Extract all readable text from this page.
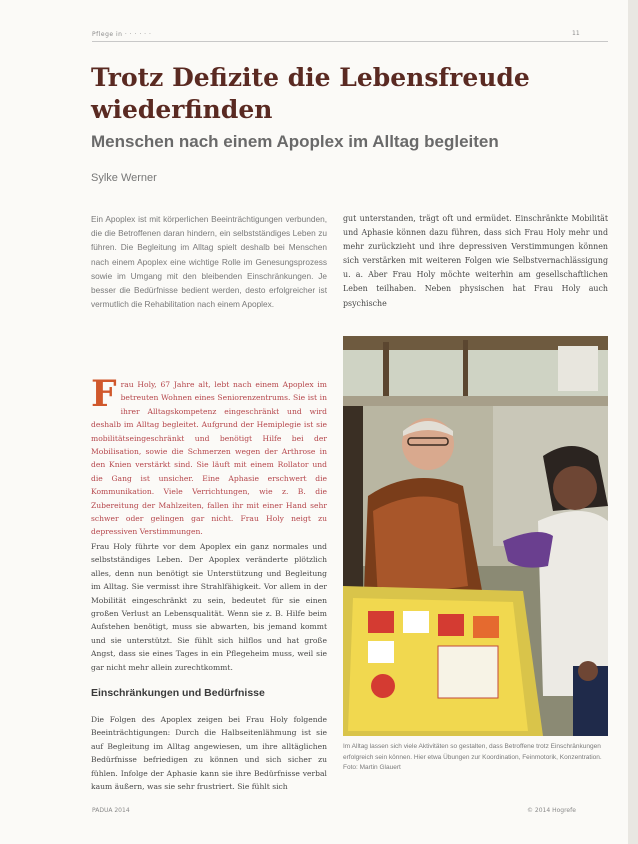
Pflege in · · · · · ·	11
Trotz Defizite die Lebensfreude wiederfinden
Menschen nach einem Apoplex im Alltag begleiten
Sylke Werner

Ein Apoplex ist mit körperlichen Beeinträchtigungen verbunden, die die Betroffenen daran hindern, ein selbstständiges Leben zu führen. Die Begleitung im Alltag spielt deshalb bei Menschen nach einem Apoplex eine wichtige Rolle im Genesungsprozess sowie im Umgang mit den bleibenden Einschränkungen. Je besser die Bedürfnisse bedient werden, desto erfolgreicher ist vermutlich die Rehabilitation nach einem Apoplex.

gut unterstanden, trägt oft und ermüdet. Einschränkte Mobilität und Aphasie können dazu führen, dass sich Frau Holy mehr und mehr zurückzieht und ihre depressiven Verstimmungen können sich verstärken mit weiteren Folgen wie Selbstvernachlässigung u. a. Aber Frau Holy möchte weiterhin am gesellschaftlichen Leben teilhaben. Neben physischen hat Frau Holy auch psychische

Frau Holy, 67 Jahre alt, lebt nach einem Apoplex im betreuten Wohnen eines Seniorenzentrums. Sie ist in ihrer Alltagskompetenz eingeschränkt und wird deshalb im Alltag begleitet. Aufgrund der Hemiplegie ist sie mobilitätseingeschränkt und benötigt Hilfe bei der Mobilisation, sowie die Schmerzen wegen der Arthrose in den Knien verstärkt sind. Sie läuft mit einem Rollator und die Gang ist unsicher. Eine Aphasie erschwert die Kommunikation. Viele Verrichtungen, wie z. B. die Zubereitung der Mahlzeiten, fallen ihr mit einer Hand sehr schwer oder gelingen gar nicht. Frau Holy neigt zu depressiven Verstimmungen.

Frau Holy führte vor dem Apoplex ein ganz normales und selbstständiges Leben. Der Apoplex veränderte plötzlich alles, denn nun benötigt sie Unterstützung und Begleitung im Alltag. Sie vermisst ihre Strahlfähigkeit. Vor allem in der Mobilität eingeschränkt zu sein, bedeutet für sie einen großen Verlust an Lebensqualität. Wenn sie z. B. Hilfe beim Aufstehen benötigt, muss sie abwarten, bis jemand kommt und sie unterstützt. Sie fühlt sich hilflos und hat große Angst, dass sie eines Tages in ein Pflegeheim muss, weil sie gar nicht mehr allein zurechtkommt.

Einschränkungen und Bedürfnisse

Die Folgen des Apoplex zeigen bei Frau Holy folgende Beeinträchtigungen: Durch die Halbseitenlähmung ist sie auf Begleitung im Alltag angewiesen, um ihre alltäglichen Bedürfnisse befriedigen zu können und sich sicher zu fühlen. Infolge der Aphasie kann sie ihre Bedürfnisse verbal kaum äußern, was sie sehr frustriert. Sie fühlt sich

Im Alltag lassen sich viele Aktivitäten so gestalten, dass Betroffene trotz Einschränkungen erfolgreich sein können. Hier etwa Übungen zur Koordination, Feinmotorik, Konzentration. Foto: Martin Glauert

PADUA 2014	© 2014 Hogrefe
